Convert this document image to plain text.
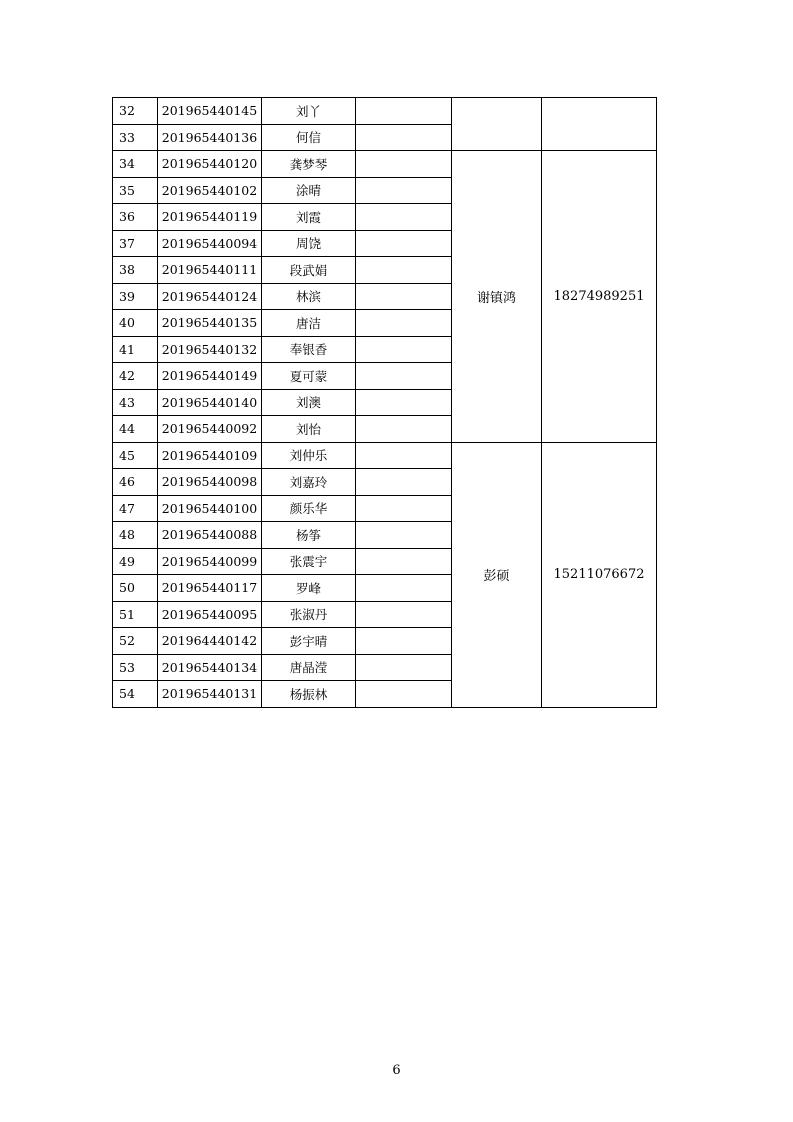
32	201965440145	刘丫			
33	201965440136	何信			
34	201965440120	龚梦琴		谢镇鸿	18274989251
35	201965440102	涂晴			
36	201965440119	刘霞			
37	201965440094	周饶			
38	201965440111	段武娟			
39	201965440124	林滨			
40	201965440135	唐洁			
41	201965440132	奉银香			
42	201965440149	夏可蒙			
43	201965440140	刘澳			
44	201965440092	刘怡			
45	201965440109	刘仲乐		彭硕	15211076672
46	201965440098	刘嘉玲			
47	201965440100	颜乐华			
48	201965440088	杨筝			
49	201965440099	张震宇			
50	201965440117	罗峰			
51	201965440095	张淑丹			
52	201964440142	彭宇晴			
53	201965440134	唐晶滢			
54	201965440131	杨振林			
6
